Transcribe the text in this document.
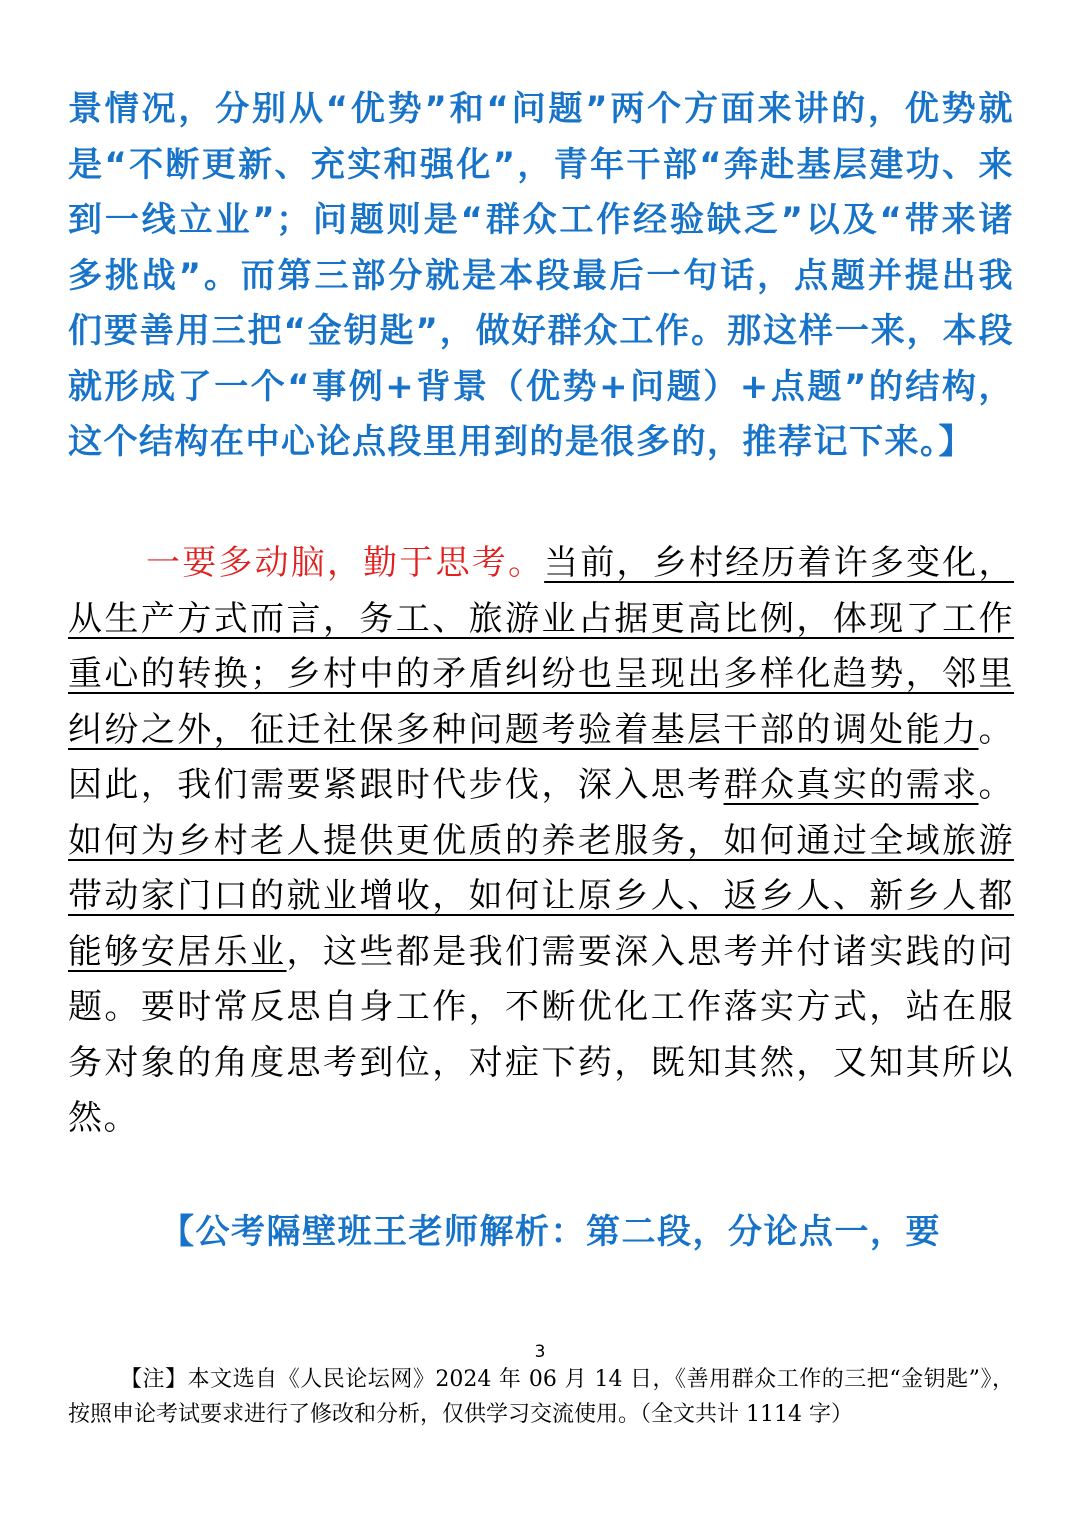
景情况，分别从“优势”和“问题”两个方面来讲的，优势就是“不断更新、充实和强化”，青年干部“奔赴基层建功、来到一线立业”；问题则是“群众工作经验缺乏”以及“带来诸多挑战”。而第三部分就是本段最后一句话，点题并提出我们要善用三把“金钥匙”，做好群众工作。那这样一来，本段就形成了一个“事例+背景（优势+问题）+点题”的结构，这个结构在中心论点段里用到的是很多的，推荐记下来。】

一要多动脑，勤于思考。当前，乡村经历着许多变化，从生产方式而言，务工、旅游业占据更高比例，体现了工作重心的转换；乡村中的矛盾纠纷也呈现出多样化趋势，邻里纠纷之外，征迁社保多种问题考验着基层干部的调处能力。因此，我们需要紧跟时代步伐，深入思考群众真实的需求。如何为乡村老人提供更优质的养老服务，如何通过全域旅游带动家门口的就业增收，如何让原乡人、返乡人、新乡人都能够安居乐业，这些都是我们需要深入思考并付诸实践的问题。要时常反思自身工作，不断优化工作落实方式，站在服务对象的角度思考到位，对症下药，既知其然，又知其所以然。

【公考隔壁班王老师解析：第二段，分论点一，要

3

【注】本文选自《人民论坛网》2024 年 06 月 14 日，《善用群众工作的三把“金钥匙”》，按照申论考试要求进行了修改和分析，仅供学习交流使用。（全文共计 1114 字）
